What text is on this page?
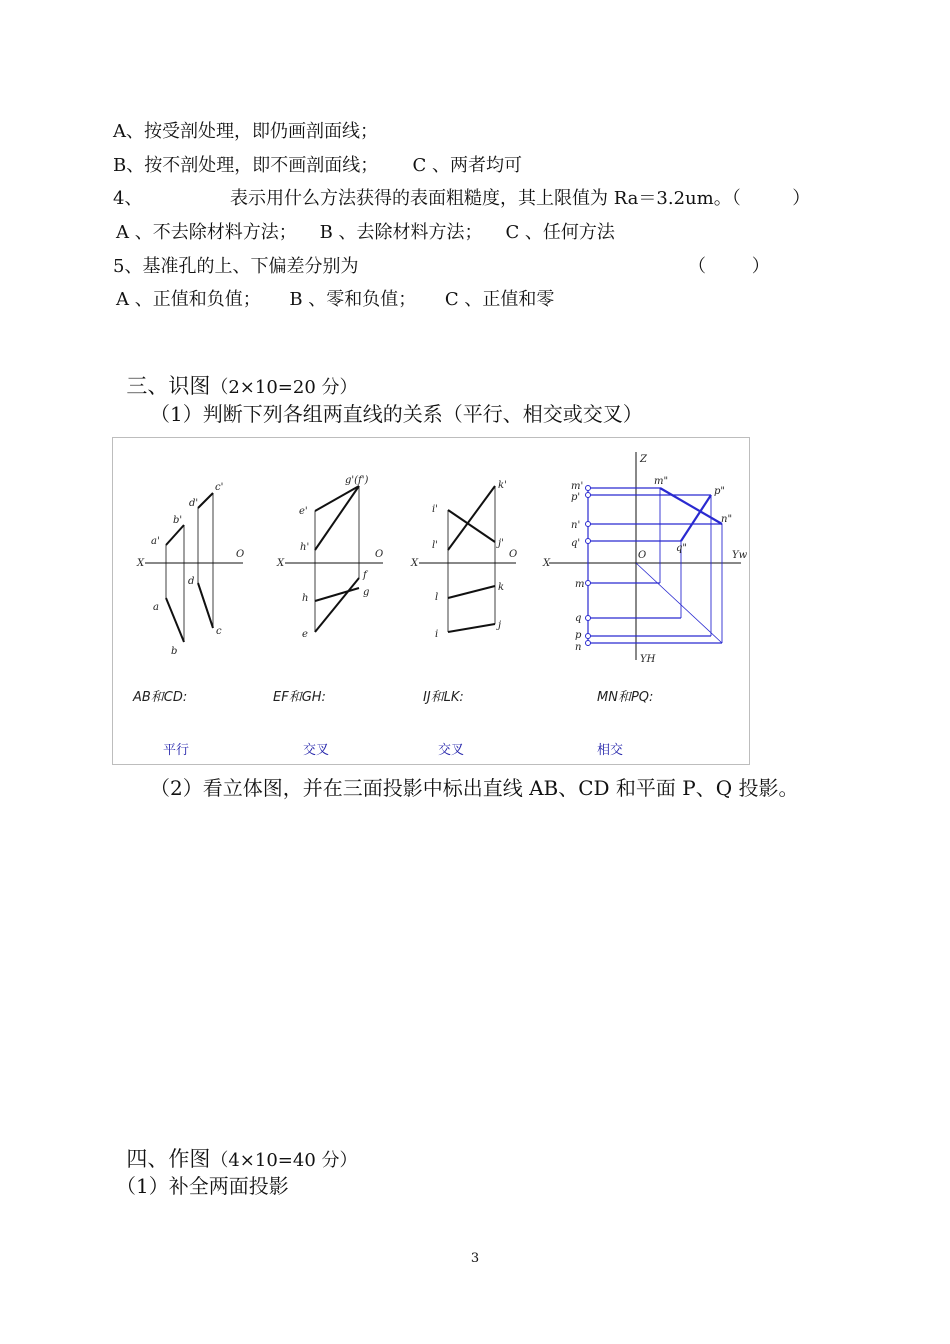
A、按受剖处理，即仍画剖面线；
B、按不剖处理，即不画剖面线；      C 、两者均可
4、	表示用什么方法获得的表面粗糙度，其上限值为 Ra＝3.2um。（         ）
A 、不去除材料方法；    B 、去除材料方法；    C 、任何方法
5、基准孔的上、下偏差分别为	（        ）
A 、正值和负值；     B 、零和负值；     C 、正值和零

三、识图（2×10=20 分）

（1）判断下列各组两直线的关系（平行、相交或交叉）
X
O
a'
b'
c'
d'
a
b
c
d
X
O
e'
g'(f')
h'
h
f
g
e
X
O
i'
k'
l'	j'
k
l
i
j
X
O
Z
Yw
YH
m'
p'
n'
q'
m
q
p
n
m"
p"
n"
q"
AB和CD:	EF和GH:	IJ和LK:	MN和PQ:
平行	交叉	交叉	相交
（2）看立体图，并在三面投影中标出直线 AB、CD 和平面 P、Q 投影。

四、作图（4×10=40 分）

（1）补全两面投影
3
